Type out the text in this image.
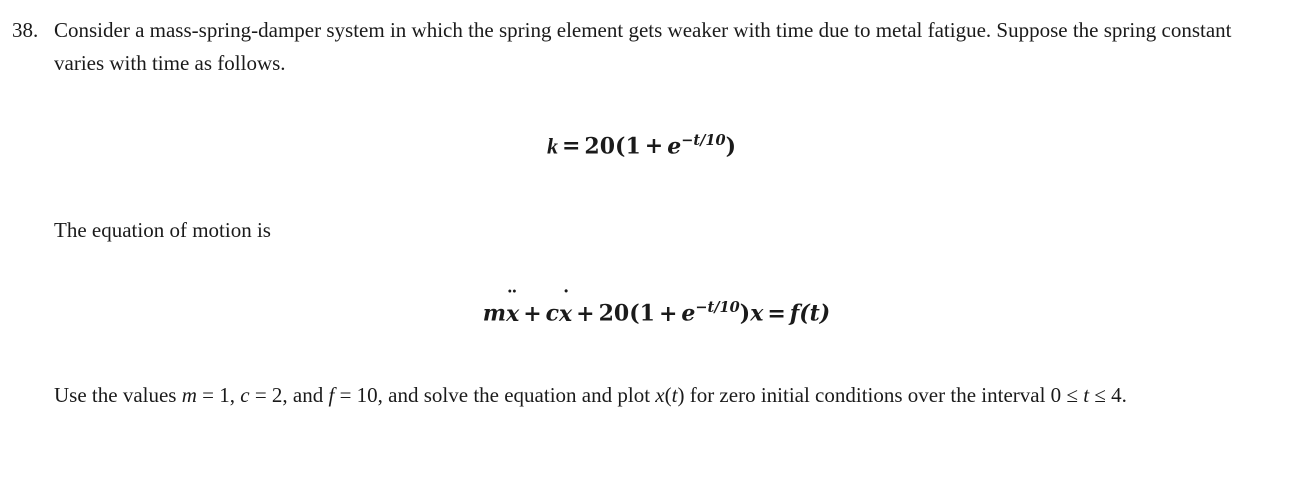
38. Consider a mass-spring-damper system in which the spring element gets weaker with time due to metal fatigue. Suppose the spring constant varies with time as follows.
$k = 20(1 + e^{-t/10})$
The equation of motion is
mx ¨ + cx ˙ + $20(1 + e^{-t/10})x = f(t)$
Use the values m = 1, c = 2, and f = 10, and solve the equation and plot x(t) for zero initial conditions over the interval 0 ≤ t ≤ 4.
